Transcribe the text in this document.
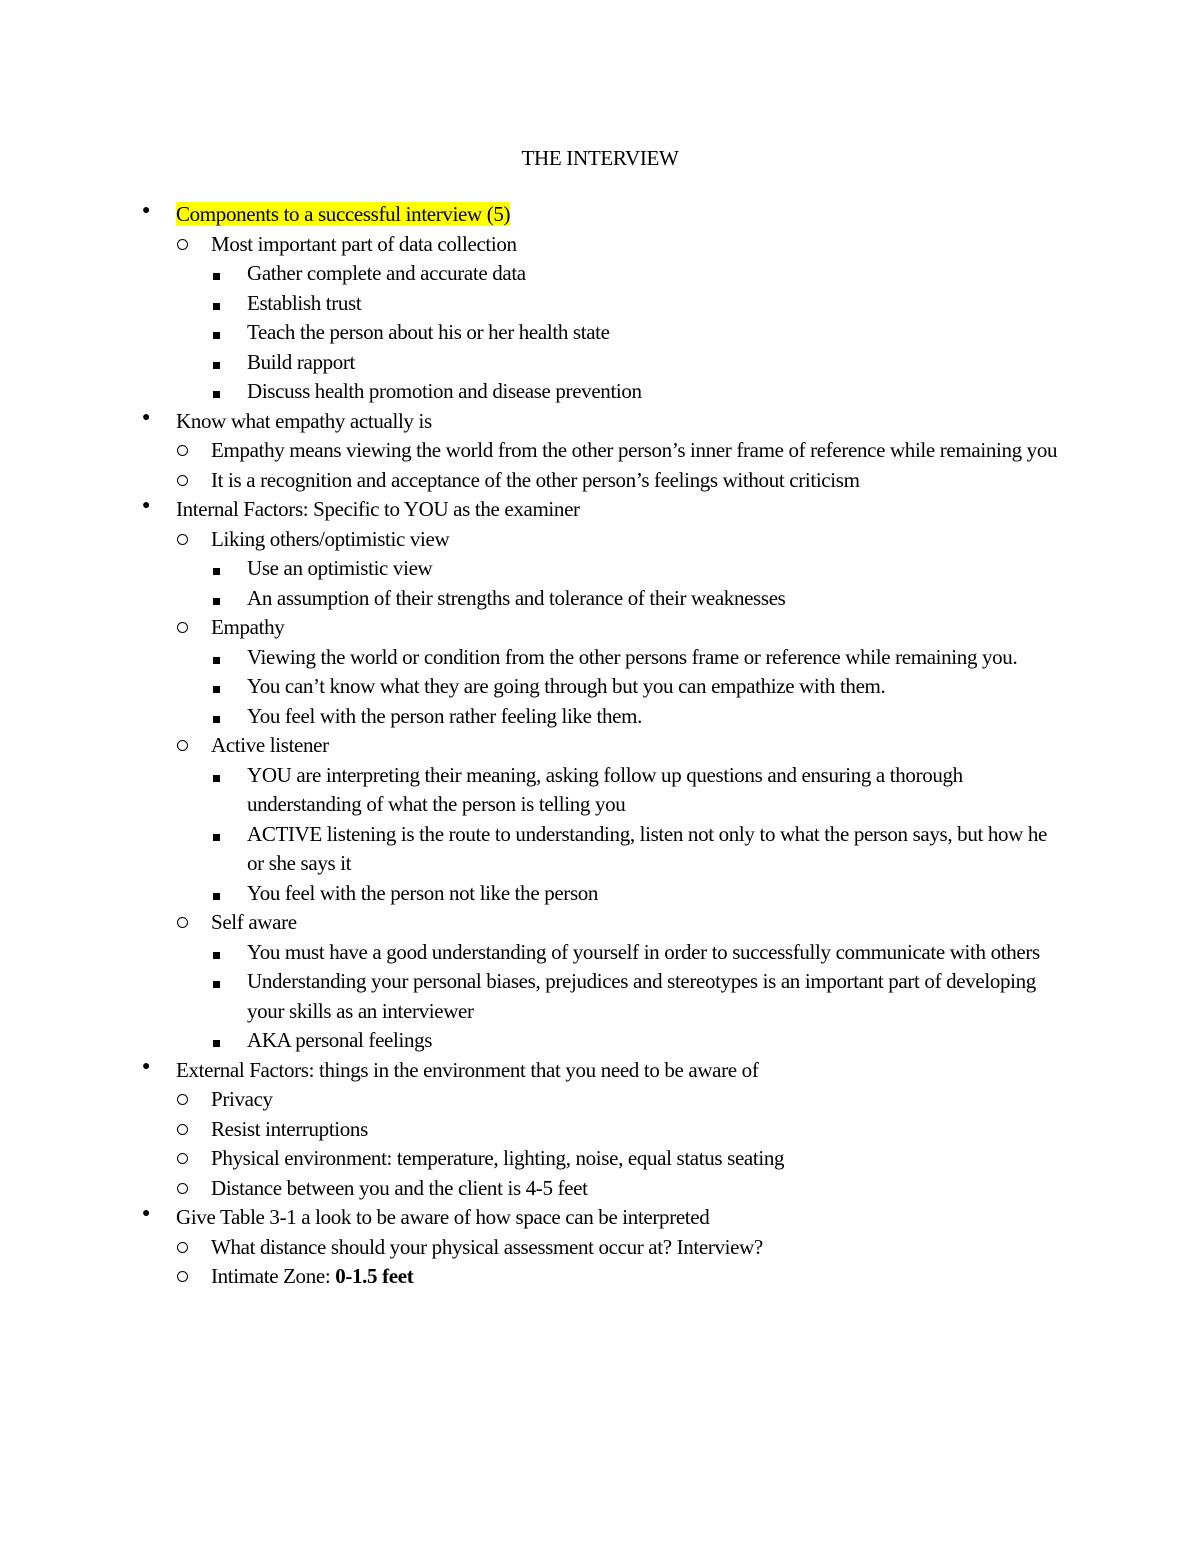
THE INTERVIEW
● Components to a successful interview (5)
Most important part of data collection
Gather complete and accurate data
Establish trust
Teach the person about his or her health state
Build rapport
Discuss health promotion and disease prevention
● Know what empathy actually is
Empathy means viewing the world from the other person’s inner frame of reference while remaining you
It is a recognition and acceptance of the other person’s feelings without criticism
● Internal Factors: Specific to YOU as the examiner
Liking others/optimistic view
Use an optimistic view
An assumption of their strengths and tolerance of their weaknesses
Empathy
Viewing the world or condition from the other persons frame or reference while remaining you.
You can’t know what they are going through but you can empathize with them.
You feel with the person rather feeling like them.
Active listener
YOU are interpreting their meaning, asking follow up questions and ensuring a thorough understanding of what the person is telling you
ACTIVE listening is the route to understanding, listen not only to what the person says, but how he or she says it
You feel with the person not like the person
Self aware
You must have a good understanding of yourself in order to successfully communicate with others
Understanding your personal biases, prejudices and stereotypes is an important part of developing your skills as an interviewer
AKA personal feelings
● External Factors: things in the environment that you need to be aware of
Privacy
Resist interruptions
Physical environment: temperature, lighting, noise, equal status seating
Distance between you and the client is 4-5 feet
● Give Table 3-1 a look to be aware of how space can be interpreted
What distance should your physical assessment occur at? Interview?
Intimate Zone: 0-1.5 feet
